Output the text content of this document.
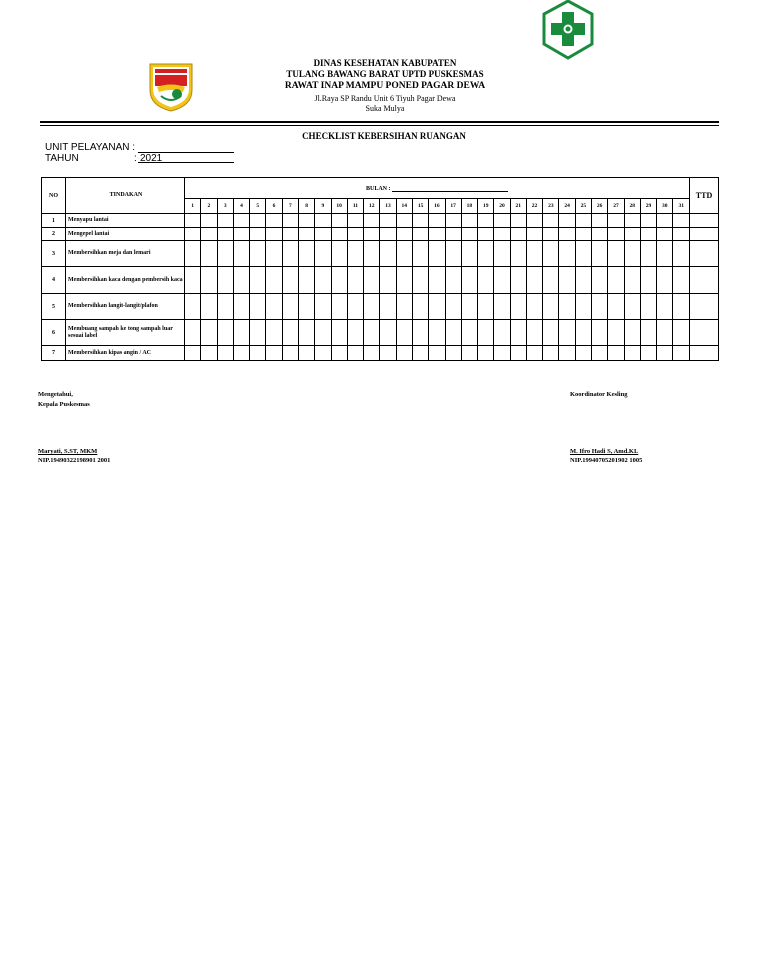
DINAS KESEHATAN KABUPATEN
TULANG BAWANG BARAT UPTD PUSKESMAS
RAWAT INAP MAMPU PONED PAGAR DEWA
Jl.Raya SP Randu Unit 6 Tiyuh Pagar Dewa
Suka Mulya
CHECKLIST KEBERSIHAN RUANGAN
UNIT PELAYANAN :
TAHUN	: 2021
NO	TINDAKAN	BULAN :																															TTD
		1	2	3	4	5	6	7	8	9	10	11	12	13	14	15	16	17	18	19	20	21	22	23	24	25	26	27	28	29	30	31	
1	Menyapu lantai																																
2	Mengepel lantai																																
3	Membersihkan meja dan lemari																																
4	Membersihkan kaca dengan pembersih kaca																																
5	Membersihkan langit-langit/plafon																																
6	Membuang sampah ke tong sampah luar sesuai label																																
7	Membersihkan kipas angin / AC																																
Mengetahui,
Kepala Puskesmas
Maryati, S.ST, MKM
NIP.19490322198901 2001
Koordinator Kesling
M. Ifro Hadi S, Amd.KL
NIP.19940705201902 1005
